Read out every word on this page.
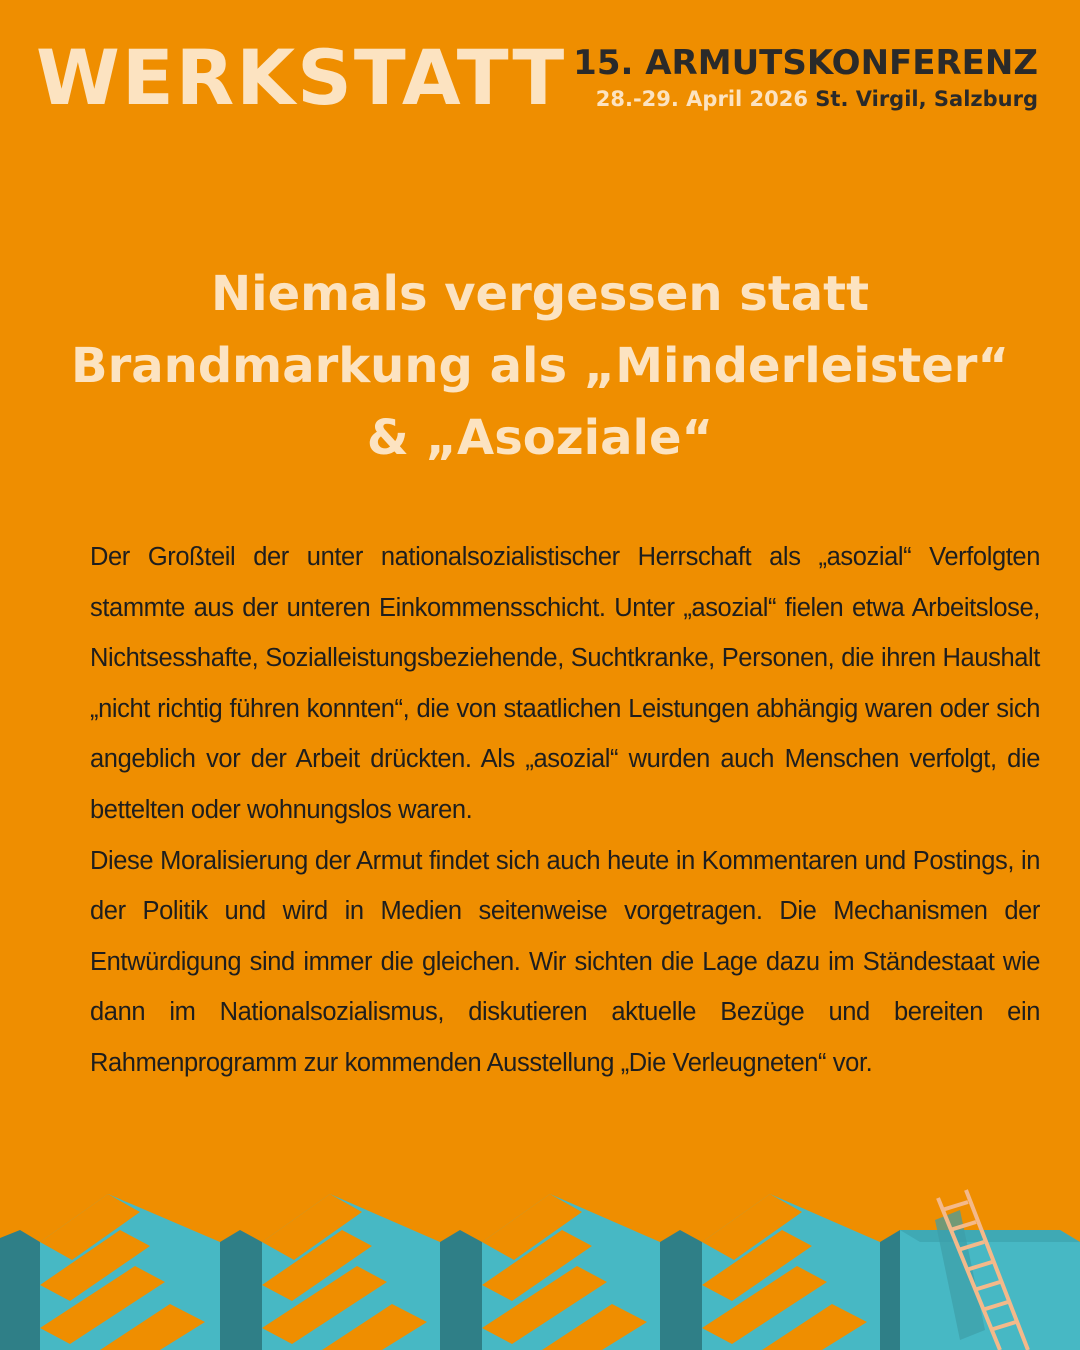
WERKSTATT 15. ARMUTSKONFERENZ
28.-29. April 2026 St. Virgil, Salzburg
Niemals vergessen statt
Brandmarkung als „Minderleister“
& „Asoziale“

Der Großteil der unter nationalsozialistischer Herrschaft als „asozial“ Verfolgten stammte aus der unteren Einkommensschicht. Unter „asozial“ fielen etwa Arbeitslose, Nichtsesshafte, Sozialleistungsbeziehende, Suchtkranke, Personen, die ihren Haushalt „nicht richtig führen konnten“, die von staatlichen Leistungen abhängig waren oder sich angeblich vor der Arbeit drückten. Als „asozial“ wurden auch Menschen verfolgt, die bettelten oder wohnungslos waren.

Diese Moralisierung der Armut findet sich auch heute in Kommentaren und Postings, in der Politik und wird in Medien seitenweise vorgetragen. Die Mechanismen der Entwürdigung sind immer die gleichen. Wir sichten die Lage dazu im Ständestaat wie dann im Nationalsozialismus, diskutieren aktuelle Bezüge und bereiten ein Rahmenprogramm zur kommenden Ausstellung „Die Verleugneten“ vor.
